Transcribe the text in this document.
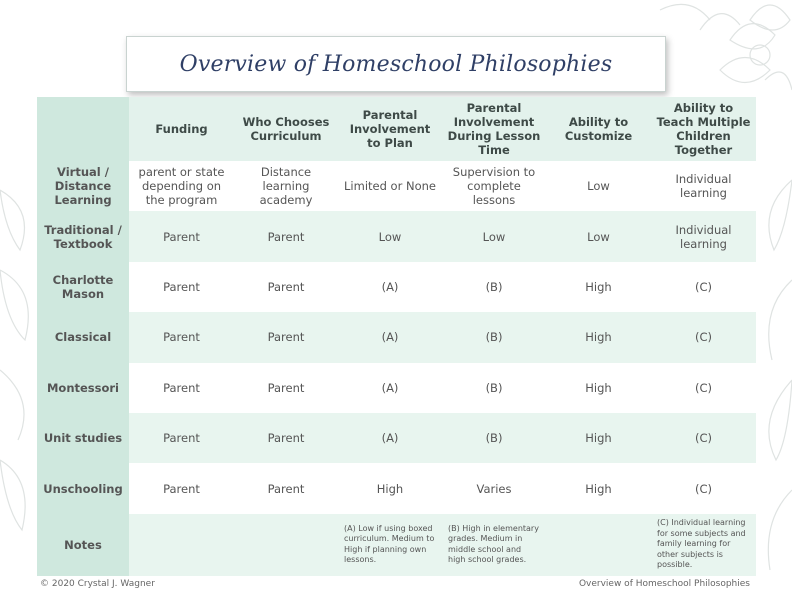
Overview of Homeschool Philosophies
	Funding	Who Chooses Curriculum	Parental Involvement to Plan	Parental Involvement During Lesson Time	Ability to Customize	Ability to Teach Multiple Children Together
Virtual / Distance Learning	parent or state depending on the program	Distance learning academy	Limited or None	Supervision to complete lessons	Low	Individual learning
Traditional / Textbook	Parent	Parent	Low	Low	Low	Individual learning
Charlotte Mason	Parent	Parent	(A)	(B)	High	(C)
Classical	Parent	Parent	(A)	(B)	High	(C)
Montessori	Parent	Parent	(A)	(B)	High	(C)
Unit studies	Parent	Parent	(A)	(B)	High	(C)
Unschooling	Parent	Parent	High	Varies	High	(C)
Notes			(A) Low if using boxed curriculum. Medium to High if planning own lessons.	(B) High in elementary grades. Medium in middle school and high school grades.		(C) Individual learning for some subjects and family learning for other subjects is possible.
© 2020 Crystal J. Wagner	Overview of Homeschool Philosophies
